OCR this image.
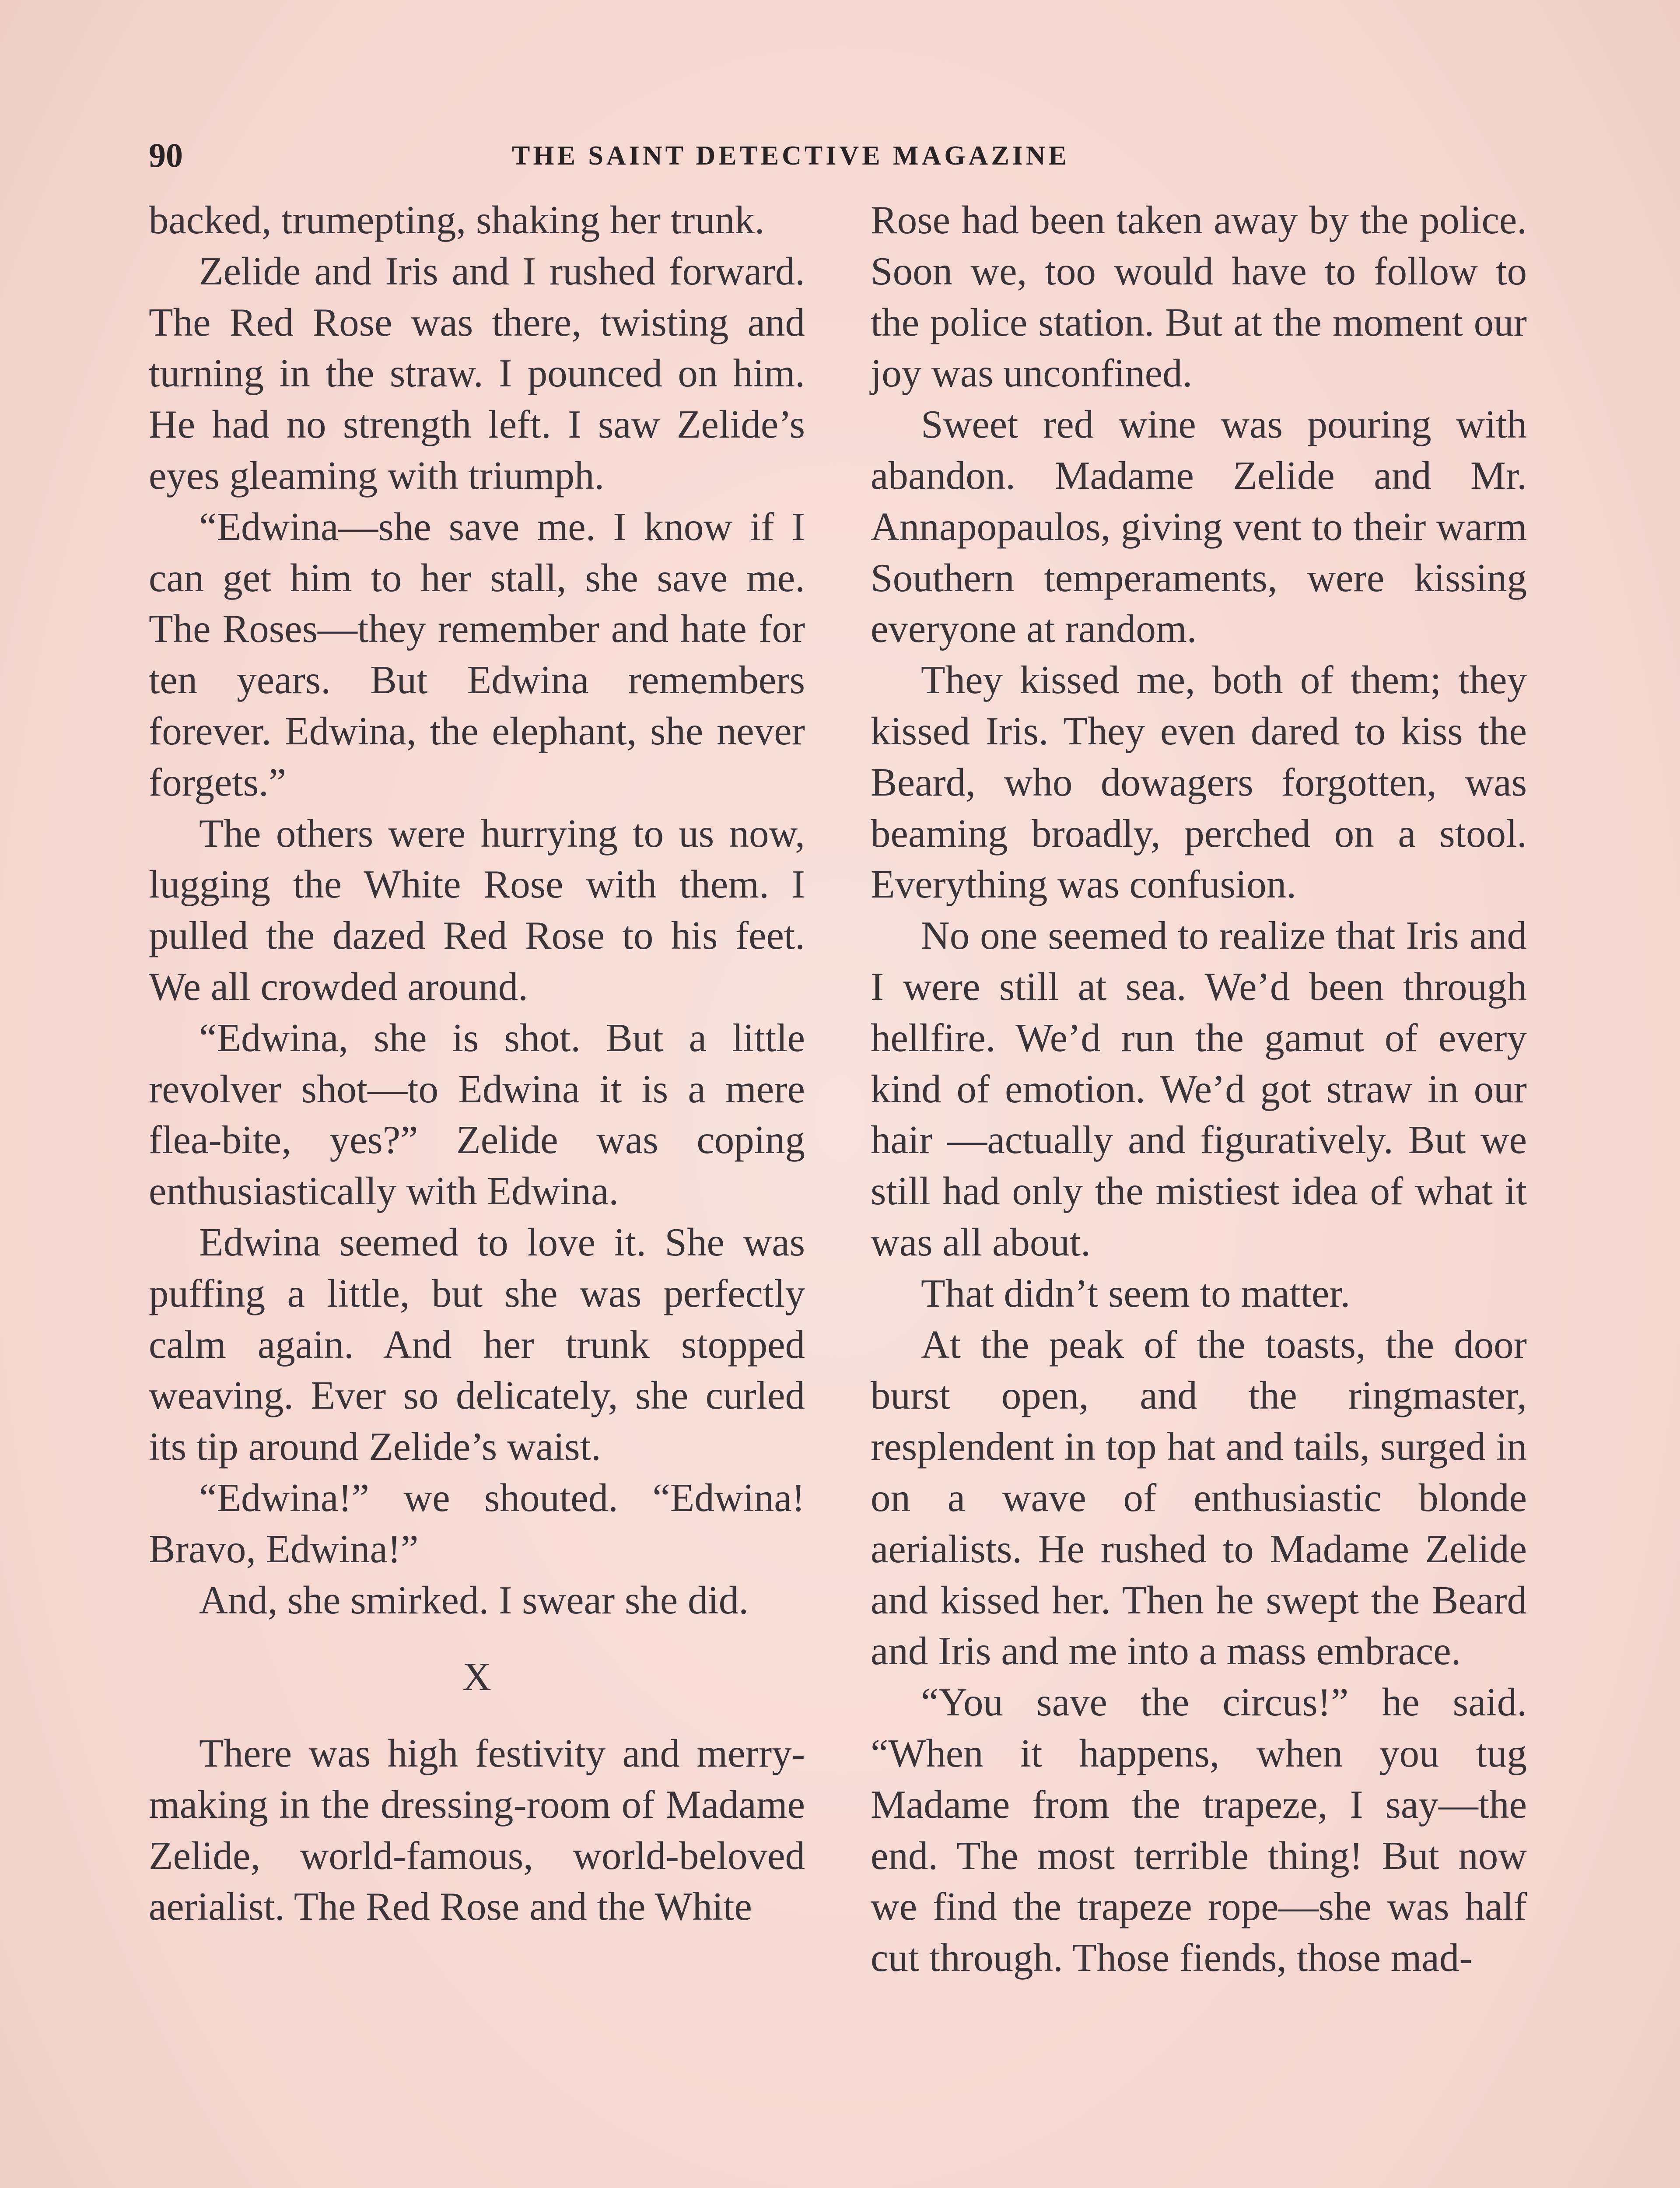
90	THE SAINT DETECTIVE MAGAZINE

backed, trumepting, shaking her trunk.

Zelide and Iris and I rushed forward. The Red Rose was there, twisting and turning in the straw. I pounced on him. He had no strength left. I saw Zelide’s eyes gleaming with triumph.

“Edwina—she save me. I know if I can get him to her stall, she save me. The Roses—they remember and hate for ten years. But Edwina remembers forever. Edwina, the elephant, she never forgets.”

The others were hurrying to us now, lugging the White Rose with them. I pulled the dazed Red Rose to his feet. We all crowded around.

“Edwina, she is shot. But a little revolver shot—to Edwina it is a mere flea-bite, yes?” Zelide was coping enthusiastically with Edwina.

Edwina seemed to love it. She was puffing a little, but she was perfectly calm again. And her trunk stopped weaving. Ever so delicately, she curled its tip around Zelide’s waist.

“Edwina!” we shouted. “Edwina! Bravo, Edwina!”

And, she smirked. I swear she did.

X

There was high festivity and merry-making in the dressing-room of Madame Zelide, world-famous, world-beloved aerialist. The Red Rose and the White

Rose had been taken away by the police. Soon we, too would have to follow to the police station. But at the moment our joy was unconfined.

Sweet red wine was pouring with abandon. Madame Zelide and Mr. Annapopaulos, giving vent to their warm Southern temperaments, were kissing everyone at random.

They kissed me, both of them; they kissed Iris. They even dared to kiss the Beard, who dowagers forgotten, was beaming broadly, perched on a stool. Everything was confusion.

No one seemed to realize that Iris and I were still at sea. We’d been through hellfire. We’d run the gamut of every kind of emotion. We’d got straw in our hair —actually and figuratively. But we still had only the mistiest idea of what it was all about.

That didn’t seem to matter.

At the peak of the toasts, the door burst open, and the ringmaster, resplendent in top hat and tails, surged in on a wave of enthusiastic blonde aerialists. He rushed to Madame Zelide and kissed her. Then he swept the Beard and Iris and me into a mass embrace.

“You save the circus!” he said. “When it happens, when you tug Madame from the trapeze, I say—the end. The most terrible thing! But now we find the trapeze rope—she was half cut through. Those fiends, those mad-
